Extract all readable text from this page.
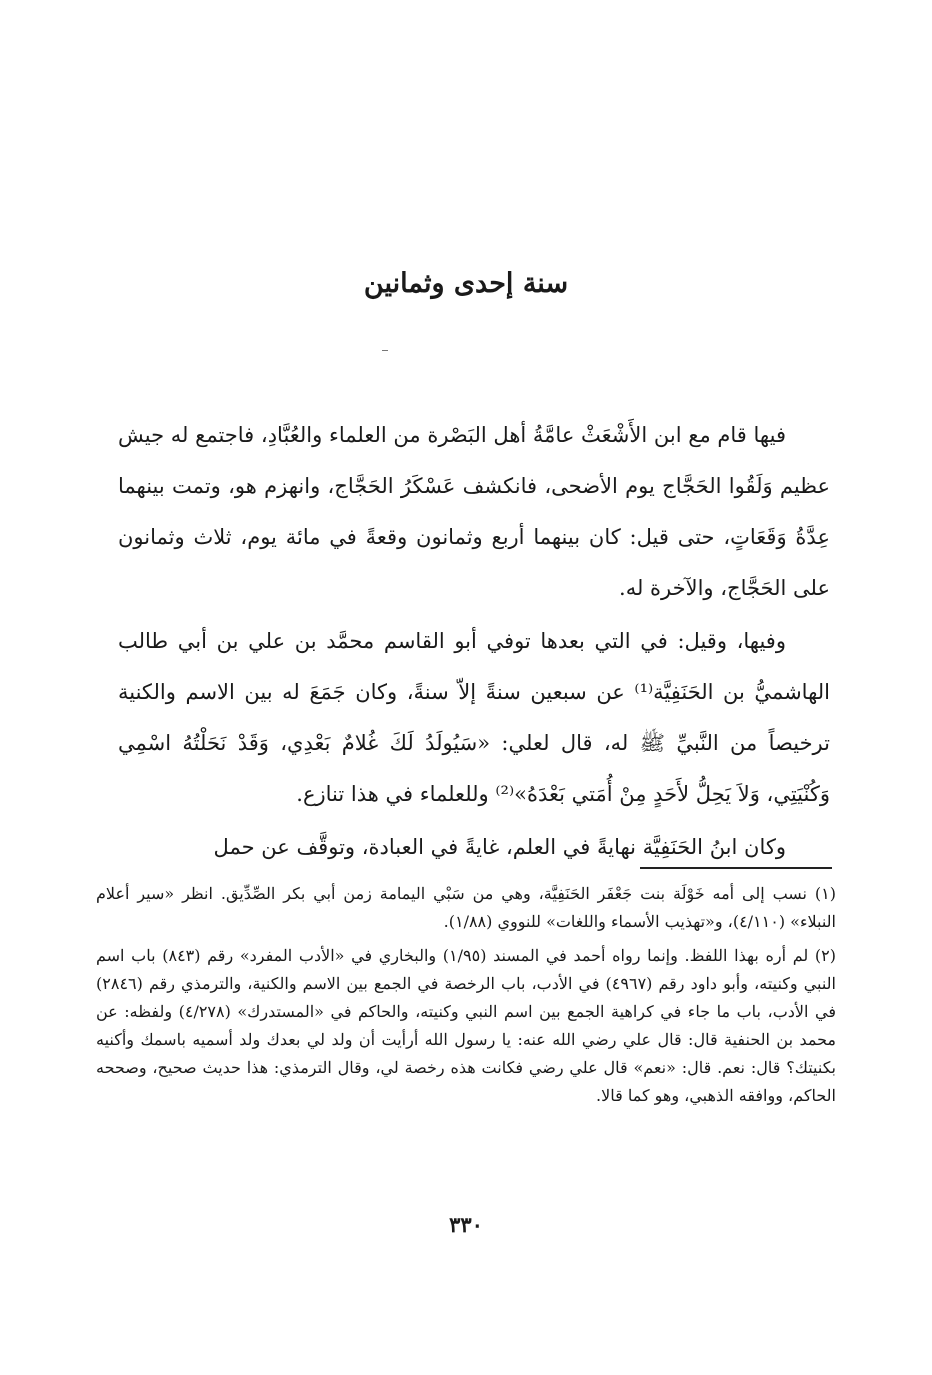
سنة إحدى وثمانين

فيها قام مع ابن الأَشْعَثْ عامَّةُ أهل البَصْرة من العلماء والعُبَّادِ، فاجتمع له جيش عظيم وَلَقُوا الحَجَّاج يوم الأضحى، فانكشف عَسْكَرُ الحَجَّاج، وانهزم هو، وتمت بينهما عِدَّةُ وَقَعَاتٍ، حتى قيل: كان بينهما أربع وثمانون وقعةً في مائة يوم، ثلاث وثمانون على الحَجَّاج، والآخرة له.

وفيها، وقيل: في التي بعدها توفي أبو القاسم محمَّد بن علي بن أبي طالب الهاشميُّ بن الحَنَفِيَّة⁽¹⁾ عن سبعين سنةً إلاّ سنةً، وكان جَمَعَ له بين الاسم والكنية ترخيصاً من النَّبيِّ ﷺ له، قال لعلي: «سَيُولَدُ لَكَ غُلامٌ بَعْدِي، وَقَدْ نَحَلْتُهُ اسْمِي وَكُنْيَتِي، وَلاَ يَحِلُّ لأَحَدٍ مِنْ أُمَتي بَعْدَهُ»⁽²⁾ وللعلماء في هذا تنازع.

وكان ابنُ الحَنَفِيَّة نهايةً في العلم، غايةً في العبادة، وتوقَّف عن حمل

(١) نسب إلى أمه خَوْلَة بنت جَعْفَر الحَنَفِيَّة، وهي من سَبْي اليمامة زمن أبي بكر الصِّدِّيق. انظر «سير أعلام النبلاء» (٤/١١٠)، و«تهذيب الأسماء واللغات» للنووي (١/٨٨).

(٢) لم أره بهذا اللفظ. وإنما رواه أحمد في المسند (١/٩٥) والبخاري في «الأدب المفرد» رقم (٨٤٣) باب اسم النبي وكنيته، وأبو داود رقم (٤٩٦٧) في الأدب، باب الرخصة في الجمع بين الاسم والكنية، والترمذي رقم (٢٨٤٦) في الأدب، باب ما جاء في كراهية الجمع بين اسم النبي وكنيته، والحاكم في «المستدرك» (٤/٢٧٨) ولفظه: عن محمد بن الحنفية قال: قال علي رضي الله عنه: يا رسول الله أرأيت أن ولد لي بعدك ولد أسميه باسمك وأكنيه بكنيتك؟ قال: نعم. قال: «نعم» قال علي رضي فكانت هذه رخصة لي، وقال الترمذي: هذا حديث صحيح، وصححه الحاكم، ووافقه الذهبي، وهو كما قالا.

٣٣٠
